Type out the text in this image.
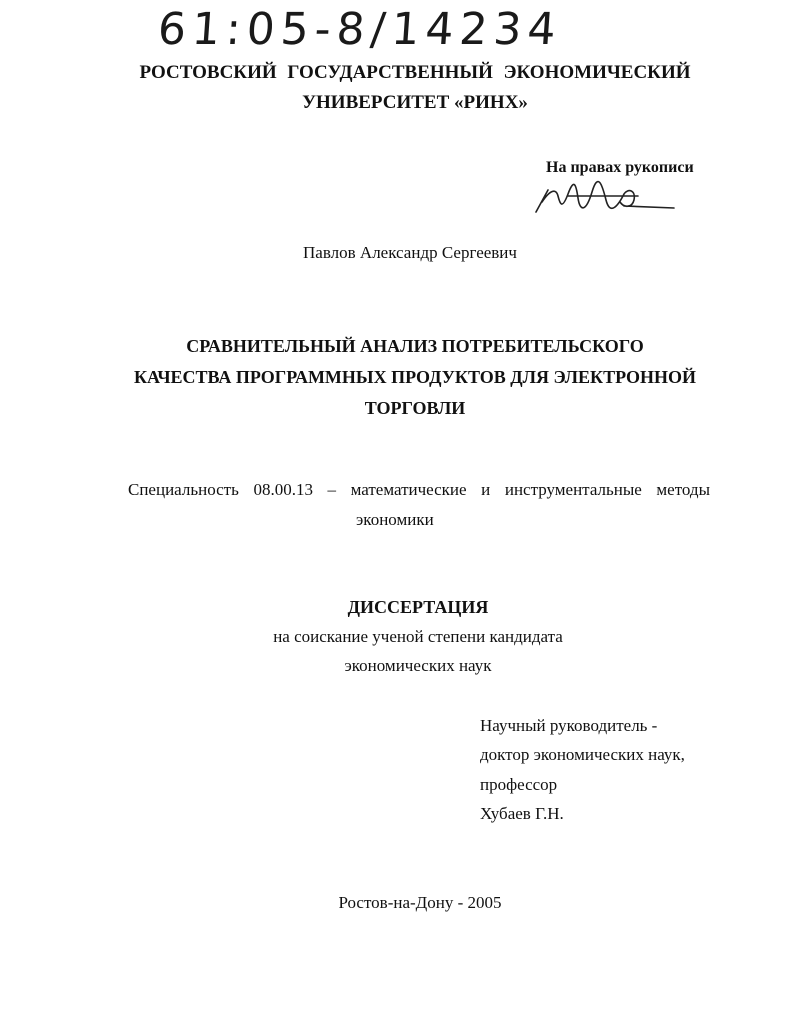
61:05-8/14234
РОСТОВСКИЙ ГОСУДАРСТВЕННЫЙ ЭКОНОМИЧЕСКИЙ
УНИВЕРСИТЕТ «РИНХ»
На правах рукописи
Павлов Александр Сергеевич
СРАВНИТЕЛЬНЫЙ АНАЛИЗ ПОТРЕБИТЕЛЬСКОГО
КАЧЕСТВА ПРОГРАММНЫХ ПРОДУКТОВ ДЛЯ ЭЛЕКТРОННОЙ
ТОРГОВЛИ
Специальность 08.00.13 – математические и инструментальные методы
экономики
ДИССЕРТАЦИЯ
на соискание ученой степени кандидата
экономических наук
Научный руководитель -
доктор экономических наук,
профессор
Хубаев Г.Н.
Ростов-на-Дону - 2005
